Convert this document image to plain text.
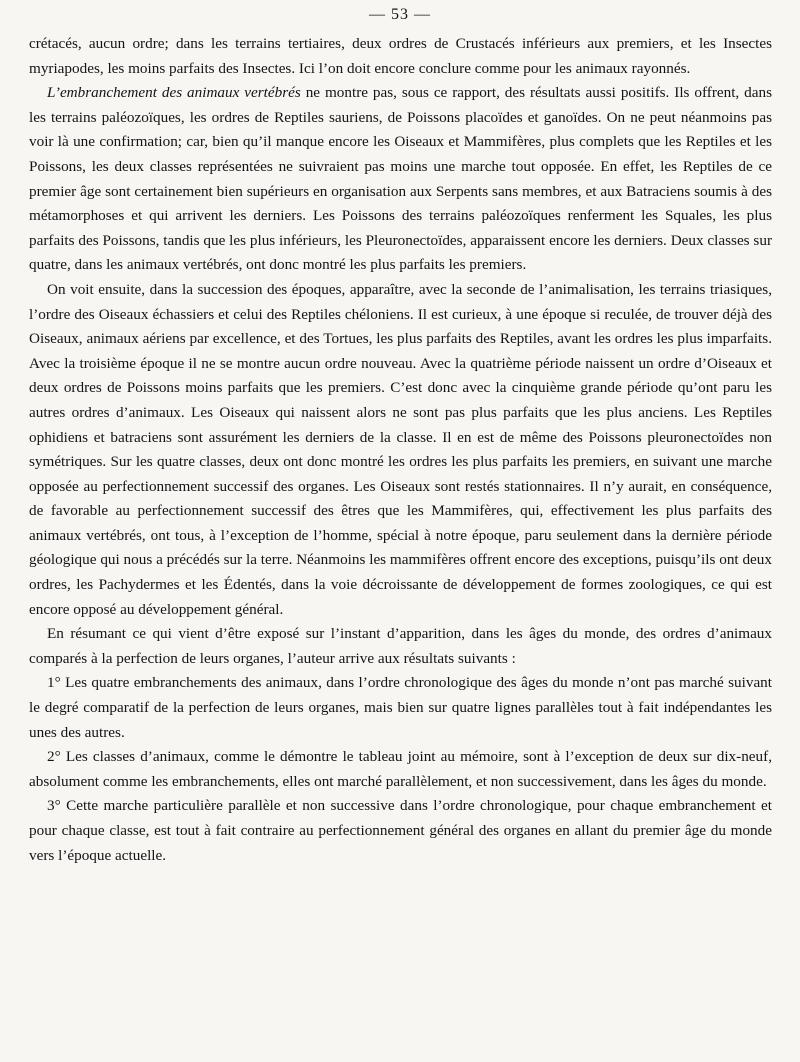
— 53 —

crétacés, aucun ordre; dans les terrains tertiaires, deux ordres de Crustacés inférieurs aux premiers, et les Insectes myriapodes, les moins parfaits des Insectes. Ici l’on doit encore conclure comme pour les animaux rayonnés.

L’embranchement des animaux vertébrés ne montre pas, sous ce rapport, des résultats aussi positifs. Ils offrent, dans les terrains paléozoïques, les ordres de Reptiles sauriens, de Poissons placoïdes et ganoïdes. On ne peut néanmoins pas voir là une confirmation; car, bien qu’il manque encore les Oiseaux et Mammifères, plus complets que les Reptiles et les Poissons, les deux classes représentées ne suivraient pas moins une marche tout opposée. En effet, les Reptiles de ce premier âge sont certainement bien supérieurs en organisation aux Serpents sans membres, et aux Batraciens soumis à des métamorphoses et qui arrivent les derniers. Les Poissons des terrains paléozoïques renferment les Squales, les plus parfaits des Poissons, tandis que les plus inférieurs, les Pleuronectoïdes, apparaissent encore les derniers. Deux classes sur quatre, dans les animaux vertébrés, ont donc montré les plus parfaits les premiers.

On voit ensuite, dans la succession des époques, apparaître, avec la seconde de l’animalisation, les terrains triasiques, l’ordre des Oiseaux échassiers et celui des Reptiles chéloniens. Il est curieux, à une époque si reculée, de trouver déjà des Oiseaux, animaux aériens par excellence, et des Tortues, les plus parfaits des Reptiles, avant les ordres les plus imparfaits. Avec la troisième époque il ne se montre aucun ordre nouveau. Avec la quatrième période naissent un ordre d’Oiseaux et deux ordres de Poissons moins parfaits que les premiers. C’est donc avec la cinquième grande période qu’ont paru les autres ordres d’animaux. Les Oiseaux qui naissent alors ne sont pas plus parfaits que les plus anciens. Les Reptiles ophidiens et batraciens sont assurément les derniers de la classe. Il en est de même des Poissons pleuronectoïdes non symétriques. Sur les quatre classes, deux ont donc montré les ordres les plus parfaits les premiers, en suivant une marche opposée au perfectionnement successif des organes. Les Oiseaux sont restés stationnaires. Il n’y aurait, en conséquence, de favorable au perfectionnement successif des êtres que les Mammifères, qui, effectivement les plus parfaits des animaux vertébrés, ont tous, à l’exception de l’homme, spécial à notre époque, paru seulement dans la dernière période géologique qui nous a précédés sur la terre. Néanmoins les mammifères offrent encore des exceptions, puisqu’ils ont deux ordres, les Pachydermes et les Édentés, dans la voie décroissante de développement de formes zoologiques, ce qui est encore opposé au développement général.

En résumant ce qui vient d’être exposé sur l’instant d’apparition, dans les âges du monde, des ordres d’animaux comparés à la perfection de leurs organes, l’auteur arrive aux résultats suivants :

1° Les quatre embranchements des animaux, dans l’ordre chronologique des âges du monde n’ont pas marché suivant le degré comparatif de la perfection de leurs organes, mais bien sur quatre lignes parallèles tout à fait indépendantes les unes des autres.

2° Les classes d’animaux, comme le démontre le tableau joint au mémoire, sont à l’exception de deux sur dix-neuf, absolument comme les embranchements, elles ont marché parallèlement, et non successivement, dans les âges du monde.

3° Cette marche particulière parallèle et non successive dans l’ordre chronologique, pour chaque embranchement et pour chaque classe, est tout à fait contraire au perfectionnement général des organes en allant du premier âge du monde vers l’époque actuelle.
